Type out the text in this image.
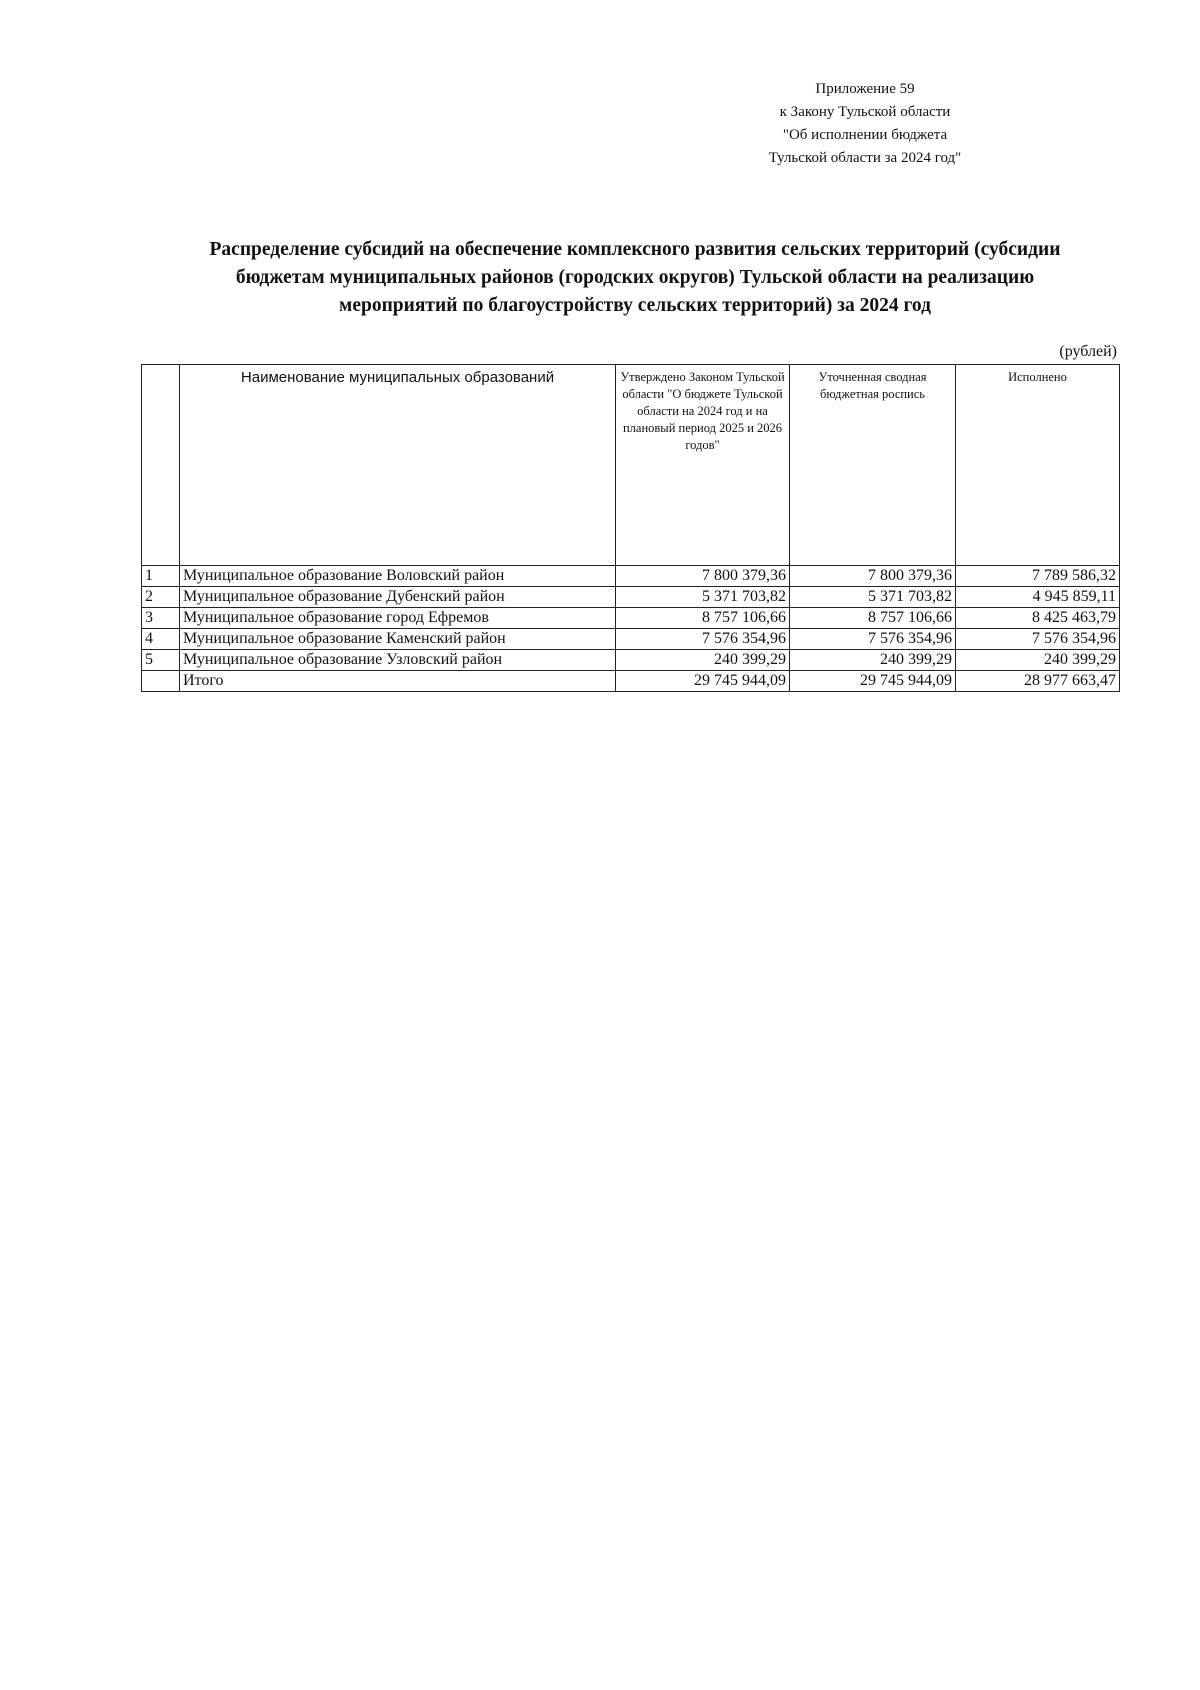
Приложение 59
к Закону Тульской области
"Об исполнении бюджета
Тульской области за 2024 год"
Распределение субсидий на обеспечение комплексного развития сельских территорий (субсидии
бюджетам муниципальных районов (городских округов) Тульской области на реализацию
мероприятий по благоустройству сельских территорий) за 2024 год
(рублей)
	Наименование муниципальных образований	Утверждено Законом Тульской области "О бюджете Тульской области на 2024 год и на плановый период 2025 и 2026 годов"	Уточненная сводная бюджетная роспись	Исполнено
1	Муниципальное образование Воловский район	7 800 379,36	7 800 379,36	7 789 586,32
2	Муниципальное образование Дубенский район	5 371 703,82	5 371 703,82	4 945 859,11
3	Муниципальное образование город Ефремов	8 757 106,66	8 757 106,66	8 425 463,79
4	Муниципальное образование Каменский район	7 576 354,96	7 576 354,96	7 576 354,96
5	Муниципальное образование Узловский район	240 399,29	240 399,29	240 399,29
	Итого	29 745 944,09	29 745 944,09	28 977 663,47
